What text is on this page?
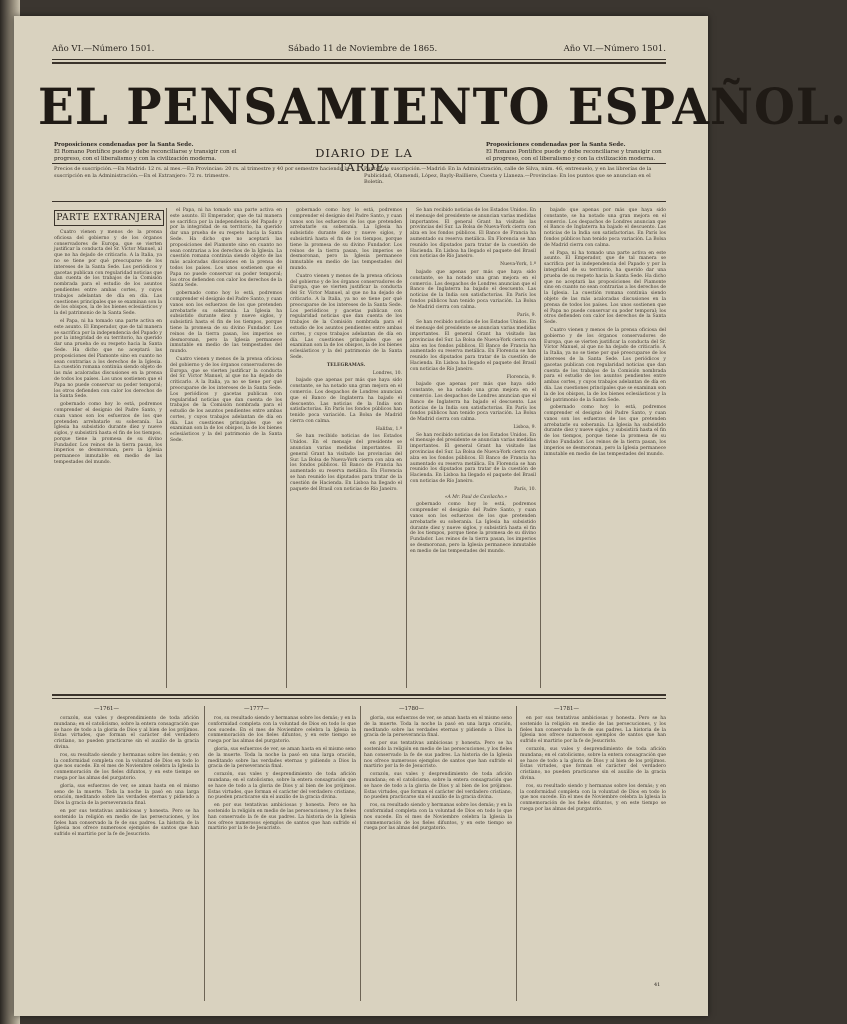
Año VI.—Número 1501.	Sábado 11 de Noviembre de 1865.	Año VI.—Número 1501.
EL PENSAMIENTO ESPAÑOL.
Proposiciones condenadas por la Santa Sede.
El Romano Pontífice puede y debe reconciliarse y transigir con el progreso, con el liberalismo y con la civilización moderna.	DIARIO DE LA TARDE.
Proposiciones condenadas por la Santa Sede.
El Romano Pontífice puede y debe reconciliarse y transigir con el progreso, con el liberalismo y con la civilización moderna.
Precios de suscripción.—En Madrid: 12 rs. al mes.—En Provincias: 20 rs. al trimestre y 40 por semestre haciendo la suscripción en la Administración.—En el Extranjero: 72 rs. trimestre.
Puntos de suscripción.—Madrid: En la Administración, calle de Silva, núm. 46, entresuelo, y en las librerías de la Publicidad, Olamendi, López, Bayly-Bailliere, Cuesta y Llaneza.—Provincias: En los puntos que se anuncian en el Boletín.
PARTE EXTRANJERA

Cuatro vienen y menos de la prensa oficiosa del gobierno y de los órganos conservadores de Europa, que se vierten justificar la conducta del Sr. Víctor Manuel, al que no ha dejado de criticarlo. A la Italia, ya no se tiene por qué preocuparse de los intereses de la Santa Sede. Los periódicos y gacetas publican con regularidad noticias que dan cuenta de los trabajos de la Comisión nombrada para el estudio de los asuntos pendientes entre ambas cortes, y cuyos trabajos adelantan de día en día. Las cuestiones principales que se examinan son la de los obispos, la de los bienes eclesiásticos y la del patrimonio de la Santa Sede.

el Papa, ni ha tomado una parte activa en este asunto. El Emperador, que de tal manera se sacrifica por la independencia del Papado y por la integridad de su territorio, ha querido dar una prueba de su respeto hacia la Santa Sede. Ha dicho que no aceptará las proposiciones del Piamonte sino en cuanto no sean contrarias a los derechos de la Iglesia. La cuestión romana continúa siendo objeto de las más acaloradas discusiones en la prensa de todos los países. Los unos sostienen que el Papa no puede conservar su poder temporal; los otros defienden con calor los derechos de la Santa Sede.

gobernado como hoy lo está, podremos comprender el designio del Padre Santo, y cuan vanos son los esfuerzos de los que pretenden arrebatarle su soberanía. La Iglesia ha subsistido durante diez y nueve siglos, y subsistirá hasta el fin de los tiempos, porque tiene la promesa de su divino Fundador. Los reinos de la tierra pasan, los imperios se desmoronan, pero la Iglesia permanece inmutable en medio de las tempestades del mundo.

el Papa, ni ha tomado una parte activa en este asunto. El Emperador, que de tal manera se sacrifica por la independencia del Papado y por la integridad de su territorio, ha querido dar una prueba de su respeto hacia la Santa Sede. Ha dicho que no aceptará las proposiciones del Piamonte sino en cuanto no sean contrarias a los derechos de la Iglesia. La cuestión romana continúa siendo objeto de las más acaloradas discusiones en la prensa de todos los países. Los unos sostienen que el Papa no puede conservar su poder temporal; los otros defienden con calor los derechos de la Santa Sede.

gobernado como hoy lo está, podremos comprender el designio del Padre Santo, y cuan vanos son los esfuerzos de los que pretenden arrebatarle su soberanía. La Iglesia ha subsistido durante diez y nueve siglos, y subsistirá hasta el fin de los tiempos, porque tiene la promesa de su divino Fundador. Los reinos de la tierra pasan, los imperios se desmoronan, pero la Iglesia permanece inmutable en medio de las tempestades del mundo.

Cuatro vienen y menos de la prensa oficiosa del gobierno y de los órganos conservadores de Europa, que se vierten justificar la conducta del Sr. Víctor Manuel, al que no ha dejado de criticarlo. A la Italia, ya no se tiene por qué preocuparse de los intereses de la Santa Sede. Los periódicos y gacetas publican con regularidad noticias que dan cuenta de los trabajos de la Comisión nombrada para el estudio de los asuntos pendientes entre ambas cortes, y cuyos trabajos adelantan de día en día. Las cuestiones principales que se examinan son la de los obispos, la de los bienes eclesiásticos y la del patrimonio de la Santa Sede.

gobernado como hoy lo está, podremos comprender el designio del Padre Santo, y cuan vanos son los esfuerzos de los que pretenden arrebatarle su soberanía. La Iglesia ha subsistido durante diez y nueve siglos, y subsistirá hasta el fin de los tiempos, porque tiene la promesa de su divino Fundador. Los reinos de la tierra pasan, los imperios se desmoronan, pero la Iglesia permanece inmutable en medio de las tempestades del mundo.

Cuatro vienen y menos de la prensa oficiosa del gobierno y de los órganos conservadores de Europa, que se vierten justificar la conducta del Sr. Víctor Manuel, al que no ha dejado de criticarlo. A la Italia, ya no se tiene por qué preocuparse de los intereses de la Santa Sede. Los periódicos y gacetas publican con regularidad noticias que dan cuenta de los trabajos de la Comisión nombrada para el estudio de los asuntos pendientes entre ambas cortes, y cuyos trabajos adelantan de día en día. Las cuestiones principales que se examinan son la de los obispos, la de los bienes eclesiásticos y la del patrimonio de la Santa Sede.

TELEGRAMAS.

Londres, 10.

bajado que apenas por más que haya sido constante, se ha notado una gran mejora en el comercio. Los despachos de Londres anuncian que el Banco de Inglaterra ha bajado el descuento. Las noticias de la India son satisfactorias. En París los fondos públicos han tenido poca variación. La Bolsa de Madrid cierra con calma.

Halifax, 1.º

Se han recibido noticias de los Estados Unidos. En el mensaje del presidente se anuncian varias medidas importantes. El general Grant ha visitado las provincias del Sur. La Bolsa de Nueva-York cierra con alza en los fondos públicos. El Banco de Francia ha aumentado su reserva metálica. En Florencia se han reunido los diputados para tratar de la cuestión de Hacienda. En Lisboa ha llegado el paquete del Brasil con noticias de Río Janeiro.

Se han recibido noticias de los Estados Unidos. En el mensaje del presidente se anuncian varias medidas importantes. El general Grant ha visitado las provincias del Sur. La Bolsa de Nueva-York cierra con alza en los fondos públicos. El Banco de Francia ha aumentado su reserva metálica. En Florencia se han reunido los diputados para tratar de la cuestión de Hacienda. En Lisboa ha llegado el paquete del Brasil con noticias de Río Janeiro.

Nueva-York, 1.º

bajado que apenas por más que haya sido constante, se ha notado una gran mejora en el comercio. Los despachos de Londres anuncian que el Banco de Inglaterra ha bajado el descuento. Las noticias de la India son satisfactorias. En París los fondos públicos han tenido poca variación. La Bolsa de Madrid cierra con calma.

París, 9.

Se han recibido noticias de los Estados Unidos. En el mensaje del presidente se anuncian varias medidas importantes. El general Grant ha visitado las provincias del Sur. La Bolsa de Nueva-York cierra con alza en los fondos públicos. El Banco de Francia ha aumentado su reserva metálica. En Florencia se han reunido los diputados para tratar de la cuestión de Hacienda. En Lisboa ha llegado el paquete del Brasil con noticias de Río Janeiro.

Florencia, 9.

bajado que apenas por más que haya sido constante, se ha notado una gran mejora en el comercio. Los despachos de Londres anuncian que el Banco de Inglaterra ha bajado el descuento. Las noticias de la India son satisfactorias. En París los fondos públicos han tenido poca variación. La Bolsa de Madrid cierra con calma.

Lisboa, 9.

Se han recibido noticias de los Estados Unidos. En el mensaje del presidente se anuncian varias medidas importantes. El general Grant ha visitado las provincias del Sur. La Bolsa de Nueva-York cierra con alza en los fondos públicos. El Banco de Francia ha aumentado su reserva metálica. En Florencia se han reunido los diputados para tratar de la cuestión de Hacienda. En Lisboa ha llegado el paquete del Brasil con noticias de Río Janeiro.

París, 10.

«A Mr. Paul de Cavilacho.»

gobernado como hoy lo está, podremos comprender el designio del Padre Santo, y cuan vanos son los esfuerzos de los que pretenden arrebatarle su soberanía. La Iglesia ha subsistido durante diez y nueve siglos, y subsistirá hasta el fin de los tiempos, porque tiene la promesa de su divino Fundador. Los reinos de la tierra pasan, los imperios se desmoronan, pero la Iglesia permanece inmutable en medio de las tempestades del mundo.

bajado que apenas por más que haya sido constante, se ha notado una gran mejora en el comercio. Los despachos de Londres anuncian que el Banco de Inglaterra ha bajado el descuento. Las noticias de la India son satisfactorias. En París los fondos públicos han tenido poca variación. La Bolsa de Madrid cierra con calma.

el Papa, ni ha tomado una parte activa en este asunto. El Emperador, que de tal manera se sacrifica por la independencia del Papado y por la integridad de su territorio, ha querido dar una prueba de su respeto hacia la Santa Sede. Ha dicho que no aceptará las proposiciones del Piamonte sino en cuanto no sean contrarias a los derechos de la Iglesia. La cuestión romana continúa siendo objeto de las más acaloradas discusiones en la prensa de todos los países. Los unos sostienen que el Papa no puede conservar su poder temporal; los otros defienden con calor los derechos de la Santa Sede.

Cuatro vienen y menos de la prensa oficiosa del gobierno y de los órganos conservadores de Europa, que se vierten justificar la conducta del Sr. Víctor Manuel, al que no ha dejado de criticarlo. A la Italia, ya no se tiene por qué preocuparse de los intereses de la Santa Sede. Los periódicos y gacetas publican con regularidad noticias que dan cuenta de los trabajos de la Comisión nombrada para el estudio de los asuntos pendientes entre ambas cortes, y cuyos trabajos adelantan de día en día. Las cuestiones principales que se examinan son la de los obispos, la de los bienes eclesiásticos y la del patrimonio de la Santa Sede.

gobernado como hoy lo está, podremos comprender el designio del Padre Santo, y cuan vanos son los esfuerzos de los que pretenden arrebatarle su soberanía. La Iglesia ha subsistido durante diez y nueve siglos, y subsistirá hasta el fin de los tiempos, porque tiene la promesa de su divino Fundador. Los reinos de la tierra pasan, los imperios se desmoronan, pero la Iglesia permanece inmutable en medio de las tempestades del mundo.

—1761—	—1777—	—1780—	—1781—

corazón, sus vales y desprendimiento de toda afición mundana; en el catolicismo, sobre la entera consagración que se hace de todo a la gloria de Dios y al bien de los prójimos. Estas virtudes, que forman el carácter del verdadero cristiano, no pueden practicarse sin el auxilio de la gracia divina.

ros, su resultado siendo y hermanas sobre los demás; y en la conformidad completa con la voluntad de Dios en todo lo que nos sucede. En el mes de Noviembre celebra la Iglesia la conmemoración de los fieles difuntos, y en este tiempo se ruega por las almas del purgatorio.

gloria, sus esfuerzos de ver, se aman hasta en el mismo seno de la muerte. Toda la noche la pasó en una larga oración, meditando sobre las verdades eternas y pidiendo a Dios la gracia de la perseverancia final.

en por sus tentativas ambiciosas y honesta. Pero se ha sostenido la religión en medio de las persecuciones, y los fieles han conservado la fe de sus padres. La historia de la Iglesia nos ofrece numerosos ejemplos de santos que han sufrido el martirio por la fe de Jesucristo.

ros, su resultado siendo y hermanas sobre los demás; y en la conformidad completa con la voluntad de Dios en todo lo que nos sucede. En el mes de Noviembre celebra la Iglesia la conmemoración de los fieles difuntos, y en este tiempo se ruega por las almas del purgatorio.

gloria, sus esfuerzos de ver, se aman hasta en el mismo seno de la muerte. Toda la noche la pasó en una larga oración, meditando sobre las verdades eternas y pidiendo a Dios la gracia de la perseverancia final.

corazón, sus vales y desprendimiento de toda afición mundana; en el catolicismo, sobre la entera consagración que se hace de todo a la gloria de Dios y al bien de los prójimos. Estas virtudes, que forman el carácter del verdadero cristiano, no pueden practicarse sin el auxilio de la gracia divina.

en por sus tentativas ambiciosas y honesta. Pero se ha sostenido la religión en medio de las persecuciones, y los fieles han conservado la fe de sus padres. La historia de la Iglesia nos ofrece numerosos ejemplos de santos que han sufrido el martirio por la fe de Jesucristo.

gloria, sus esfuerzos de ver, se aman hasta en el mismo seno de la muerte. Toda la noche la pasó en una larga oración, meditando sobre las verdades eternas y pidiendo a Dios la gracia de la perseverancia final.

en por sus tentativas ambiciosas y honesta. Pero se ha sostenido la religión en medio de las persecuciones, y los fieles han conservado la fe de sus padres. La historia de la Iglesia nos ofrece numerosos ejemplos de santos que han sufrido el martirio por la fe de Jesucristo.

corazón, sus vales y desprendimiento de toda afición mundana; en el catolicismo, sobre la entera consagración que se hace de todo a la gloria de Dios y al bien de los prójimos. Estas virtudes, que forman el carácter del verdadero cristiano, no pueden practicarse sin el auxilio de la gracia divina.

ros, su resultado siendo y hermanas sobre los demás; y en la conformidad completa con la voluntad de Dios en todo lo que nos sucede. En el mes de Noviembre celebra la Iglesia la conmemoración de los fieles difuntos, y en este tiempo se ruega por las almas del purgatorio.

en por sus tentativas ambiciosas y honesta. Pero se ha sostenido la religión en medio de las persecuciones, y los fieles han conservado la fe de sus padres. La historia de la Iglesia nos ofrece numerosos ejemplos de santos que han sufrido el martirio por la fe de Jesucristo.

corazón, sus vales y desprendimiento de toda afición mundana; en el catolicismo, sobre la entera consagración que se hace de todo a la gloria de Dios y al bien de los prójimos. Estas virtudes, que forman el carácter del verdadero cristiano, no pueden practicarse sin el auxilio de la gracia divina.

ros, su resultado siendo y hermanas sobre los demás; y en la conformidad completa con la voluntad de Dios en todo lo que nos sucede. En el mes de Noviembre celebra la Iglesia la conmemoración de los fieles difuntos, y en este tiempo se ruega por las almas del purgatorio.

41
